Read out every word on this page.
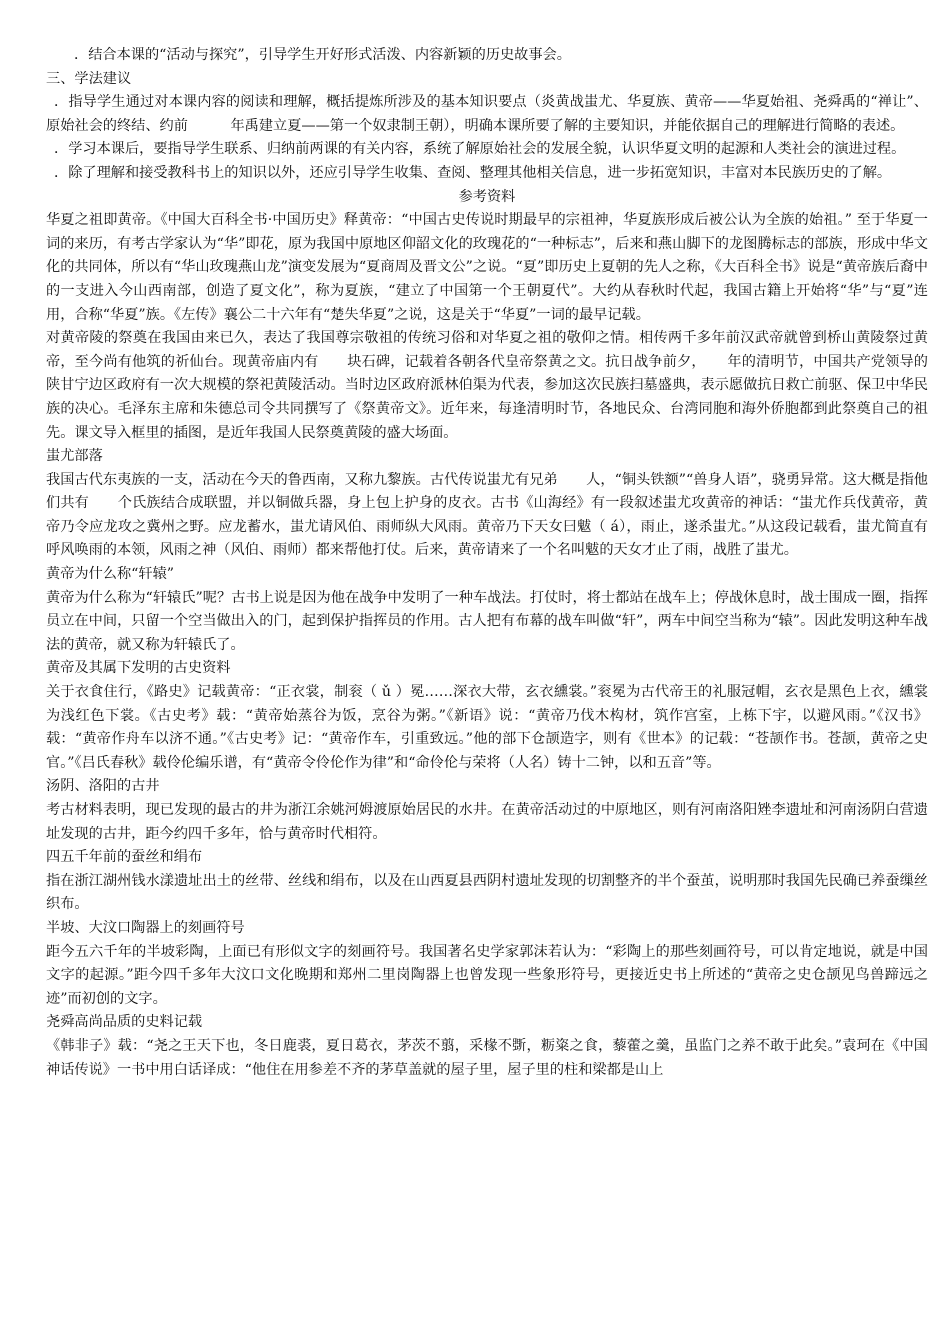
．结合本课的“活动与探究”，引导学生开好形式活泼、内容新颖的历史故事会。

三、学法建议

．指导学生通过对本课内容的阅读和理解，概括提炼所涉及的基本知识要点（炎黄战蚩尤、华夏族、黄帝——华夏始祖、尧舜禹的“禅让”、原始社会的终结、约前　　　年禹建立夏——第一个奴隶制王朝），明确本课所要了解的主要知识，并能依据自己的理解进行简略的表述。

．学习本课后，要指导学生联系、归纳前两课的有关内容，系统了解原始社会的发展全貌，认识华夏文明的起源和人类社会的演进过程。

．除了理解和接受教科书上的知识以外，还应引导学生收集、查阅、整理其他相关信息，进一步拓宽知识，丰富对本民族历史的了解。

参考资料

华夏之祖即黄帝。《中国大百科全书·中国历史》释黄帝：“中国古史传说时期最早的宗祖神，华夏族形成后被公认为全族的始祖。” 至于华夏一词的来历，有考古学家认为“华”即花，原为我国中原地区仰韶文化的玫瑰花的“一种标志”，后来和燕山脚下的龙图腾标志的部族，形成中华文化的共同体，所以有“华山玫瑰燕山龙”演变发展为“夏商周及晋文公”之说。“夏”即历史上夏朝的先人之称，《大百科全书》说是“黄帝族后裔中的一支进入今山西南部，创造了夏文化”，称为夏族，“建立了中国第一个王朝夏代”。大约从春秋时代起，我国古籍上开始将“华”与“夏”连用，合称“华夏”族。《左传》襄公二十六年有“楚失华夏”之说，这是关于“华夏”一词的最早记载。

对黄帝陵的祭奠在我国由来已久，表达了我国尊宗敬祖的传统习俗和对华夏之祖的敬仰之情。相传两千多年前汉武帝就曾到桥山黄陵祭过黄帝，至今尚有他筑的祈仙台。现黄帝庙内有　　块石碑，记载着各朝各代皇帝祭黄之文。抗日战争前夕，　　年的清明节，中国共产党领导的陕甘宁边区政府有一次大规模的祭祀黄陵活动。当时边区政府派林伯渠为代表，参加这次民族扫墓盛典，表示愿做抗日救亡前驱、保卫中华民族的决心。毛泽东主席和朱德总司令共同撰写了《祭黄帝文》。近年来，每逢清明时节，各地民众、台湾同胞和海外侨胞都到此祭奠自己的祖先。课文导入框里的插图，是近年我国人民祭奠黄陵的盛大场面。

蚩尤部落

我国古代东夷族的一支，活动在今天的鲁西南，又称九黎族。古代传说蚩尤有兄弟　　人，“铜头铁额”“兽身人语”，骁勇异常。这大概是指他们共有　　个氏族结合成联盟，并以铜做兵器，身上包上护身的皮衣。古书《山海经》有一段叙述蚩尤攻黄帝的神话：“蚩尤作兵伐黄帝，黄帝乃令应龙攻之冀州之野。应龙蓄水，蚩尤请风伯、雨师纵大风雨。黄帝乃下天女曰魃（ á），雨止，遂杀蚩尤。”从这段记载看，蚩尤简直有呼风唤雨的本领，风雨之神（风伯、雨师）都来帮他打仗。后来，黄帝请来了一个名叫魃的天女才止了雨，战胜了蚩尤。

黄帝为什么称“轩辕”

黄帝为什么称为“轩辕氏”呢？古书上说是因为他在战争中发明了一种车战法。打仗时，将士都站在战车上；停战休息时，战士围成一圈，指挥员立在中间，只留一个空当做出入的门，起到保护指挥员的作用。古人把有布幕的战车叫做“轩”，两车中间空当称为“辕”。因此发明这种车战法的黄帝，就又称为轩辕氏了。

黄帝及其属下发明的古史资料

关于衣食住行，《路史》记载黄帝：“正衣裳，制衮（ ǔ ）冕……深衣大带，玄衣纁裳。”衮冕为古代帝王的礼服冠帽，玄衣是黑色上衣，纁裳为浅红色下裳。《古史考》载：“黄帝始蒸谷为饭，烹谷为粥。”《新语》说：“黄帝乃伐木构材，筑作宫室，上栋下宇，以避风雨。”《汉书》载：“黄帝作舟车以济不通。”《古史考》记：“黄帝作车，引重致远。”他的部下仓颉造字，则有《世本》的记载：“苍颉作书。苍颉，黄帝之史官。”《吕氏春秋》载伶伦编乐谱，有“黄帝令伶伦作为律”和“命伶伦与荣将（人名）铸十二钟，以和五音”等。

汤阴、洛阳的古井

考古材料表明，现已发现的最古的井为浙江余姚河姆渡原始居民的水井。在黄帝活动过的中原地区，则有河南洛阳矬李遗址和河南汤阴白营遗址发现的古井，距今约四千多年，恰与黄帝时代相符。

四五千年前的蚕丝和绢布

指在浙江湖州钱水漾遗址出土的丝带、丝线和绢布，以及在山西夏县西阴村遗址发现的切割整齐的半个蚕茧，说明那时我国先民确已养蚕缫丝织布。

半坡、大汶口陶器上的刻画符号

距今五六千年的半坡彩陶，上面已有形似文字的刻画符号。我国著名史学家郭沫若认为：“彩陶上的那些刻画符号，可以肯定地说，就是中国文字的起源。”距今四千多年大汶口文化晚期和郑州二里岗陶器上也曾发现一些象形符号，更接近史书上所述的“黄帝之史仓颉见鸟兽蹄远之迹”而初创的文字。

尧舜高尚品质的史料记载

《韩非子》载：“尧之王天下也，冬日鹿裘，夏日葛衣，茅茨不翦，采椽不斲，粝粢之食，藜藿之羹，虽监门之养不敢于此矣。”袁珂在《中国神话传说》一书中用白话译成：“他住在用参差不齐的茅草盖就的屋子里，屋子里的柱和梁都是山上
